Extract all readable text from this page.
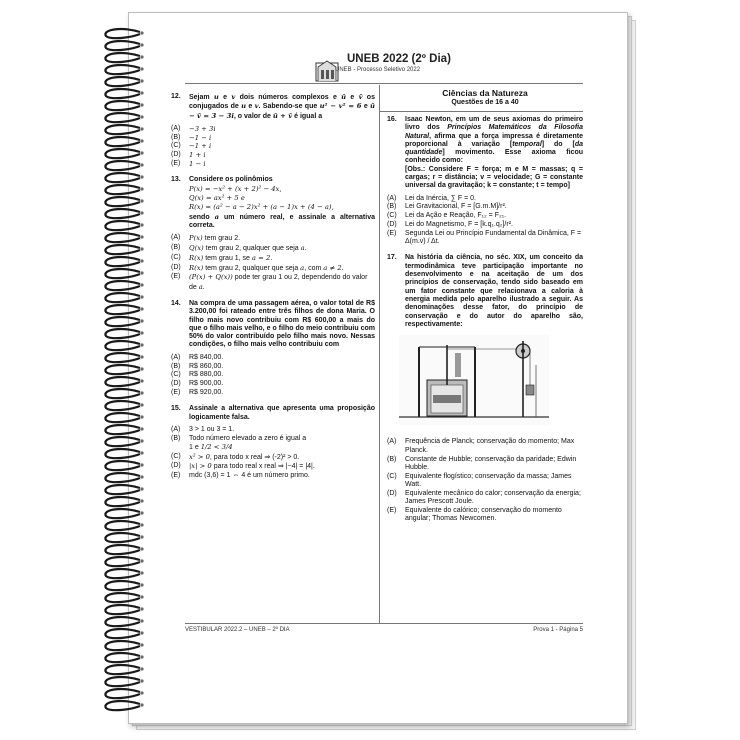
UNEB 2022 (2º Dia)
UNEB - Processo Seletivo 2022
12.	Sejam u e v dois números complexos e ū e v̄ os conjugados de u e v. Sabendo-se que u² − v² = 6 e ū − v̄ = 3 − 3i, o valor de ū + v̄ é igual a
(A)	−3 + 3i
(B)	−1 − i
(C)	−1 + i
(D)	1 + i
(E)	1 − i
13.	Considere os polinômios
P(x) = −x² + (x + 2)² − 4x,
Q(x) = ax² + 5 e
R(x) = (a² − a − 2)x² + (a − 1)x + (4 − a),
sendo a um número real, e assinale a alternativa correta.
(A)	P(x) tem grau 2.
(B)	Q(x) tem grau 2, qualquer que seja a.
(C)	R(x) tem grau 1, se a = 2.
(D)	R(x) tem grau 2, qualquer que seja a, com a ≠ 2.
(E)	(P(x) + Q(x)) pode ter grau 1 ou 2, dependendo do valor de a.
14.	Na compra de uma passagem aérea, o valor total de R$ 3.200,00 foi rateado entre três filhos de dona Maria. O filho mais novo contribuiu com R$ 600,00 a mais do que o filho mais velho, e o filho do meio contribuiu com 50% do valor contribuído pelo filho mais novo. Nessas condições, o filho mais velho contribuiu com
(A)	R$ 840,00.
(B)	R$ 860,00.
(C)	R$ 880,00.
(D)	R$ 900,00.
(E)	R$ 920,00.
15.	Assinale a alternativa que apresenta uma proposição logicamente falsa.
(A)	3 > 1 ou 3 = 1.
(B)	Todo número elevado a zero é igual a
1 e 1/2 < 3/4
(C)	x² > 0, para todo x real ⇒ (-2)² > 0.
(D)	|x| > 0 para todo real x real ⇒ |−4| = |4|.
(E)	mdc (3,6) = 1 ⇔ 4 é um número primo.
Ciências da Natureza
Questões de 16 a 40
16.	Isaac Newton, em um de seus axiomas do primeiro livro dos Princípios Matemáticos da Filosofia Natural, afirma que a força impressa é diretamente proporcional à variação [temporal] do [da quantidade] movimento. Esse axioma ficou conhecido como:
[Obs.: Considere F = força; m e M = massas; q = cargas; r = distância; v = velocidade; G = constante universal da gravitação; k = constante; t = tempo]
(A)	Lei da Inércia, ∑ F = 0.
(B)	Lei Gravitacional, F = [G.m.M]/r².
(C)	Lei da Ação e Reação, F₁₂ = F₂₁.
(D)	Lei do Magnetismo, F = [k.q₁.q₂]/r².
(E)	Segunda Lei ou Princípio Fundamental da Dinâmica, F = Δ(m.v) / Δt.
17.	Na história da ciência, no séc. XIX, um conceito da termodinâmica teve participação importante no desenvolvimento e na aceitação de um dos princípios de conservação, tendo sido baseado em um fator constante que relacionava a caloria à energia medida pelo aparelho ilustrado a seguir. As denominações desse fator, do princípio de conservação e do autor do aparelho são, respectivamente:
(A)	Frequência de Planck; conservação do momento; Max Planck.
(B)	Constante de Hubble; conservação da paridade; Edwin Hubble.
(C)	Equivalente flogístico; conservação da massa; James Watt.
(D)	Equivalente mecânico do calor; conservação da energia; James Prescott Joule.
(E)	Equivalente do calórico; conservação do momento angular; Thomas Newcomen.
VESTIBULAR 2022.2 – UNEB – 2º DIA	Prova 1 - Página 5
